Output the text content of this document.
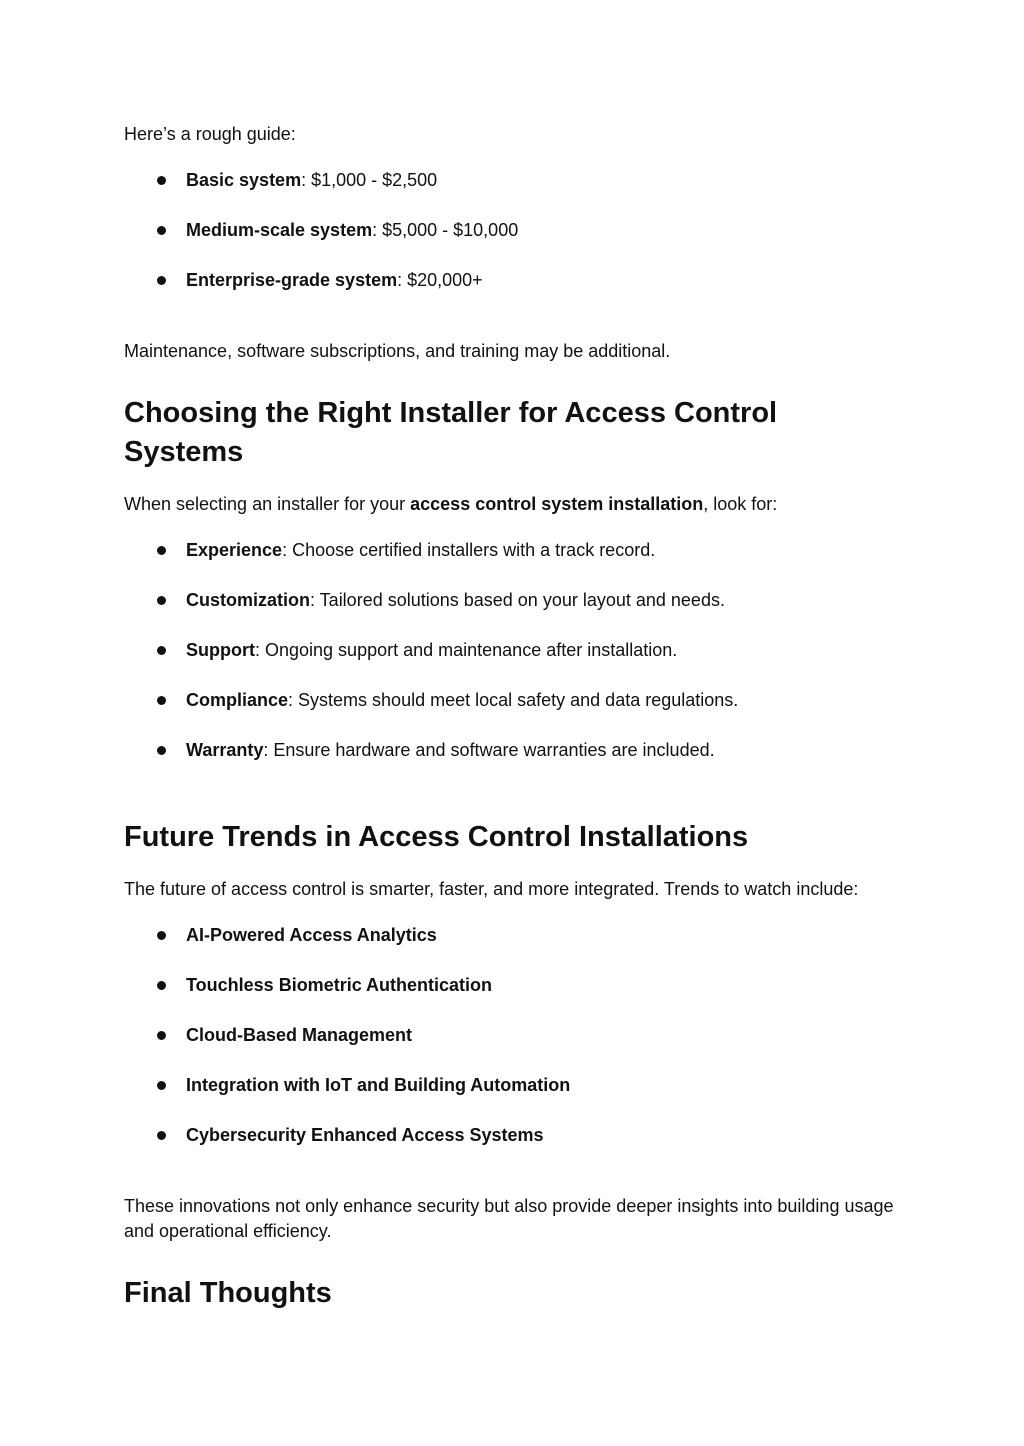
Here’s a rough guide:

Basic system: $1,000 - $2,500
Medium-scale system: $5,000 - $10,000
Enterprise-grade system: $20,000+

Maintenance, software subscriptions, and training may be additional.

Choosing the Right Installer for Access Control Systems

When selecting an installer for your access control system installation, look for:

Experience: Choose certified installers with a track record.
Customization: Tailored solutions based on your layout and needs.
Support: Ongoing support and maintenance after installation.
Compliance: Systems should meet local safety and data regulations.
Warranty: Ensure hardware and software warranties are included.
Future Trends in Access Control Installations

The future of access control is smarter, faster, and more integrated. Trends to watch include:

AI-Powered Access Analytics
Touchless Biometric Authentication
Cloud-Based Management
Integration with IoT and Building Automation
Cybersecurity Enhanced Access Systems

These innovations not only enhance security but also provide deeper insights into building usage and operational efficiency.

Final Thoughts
